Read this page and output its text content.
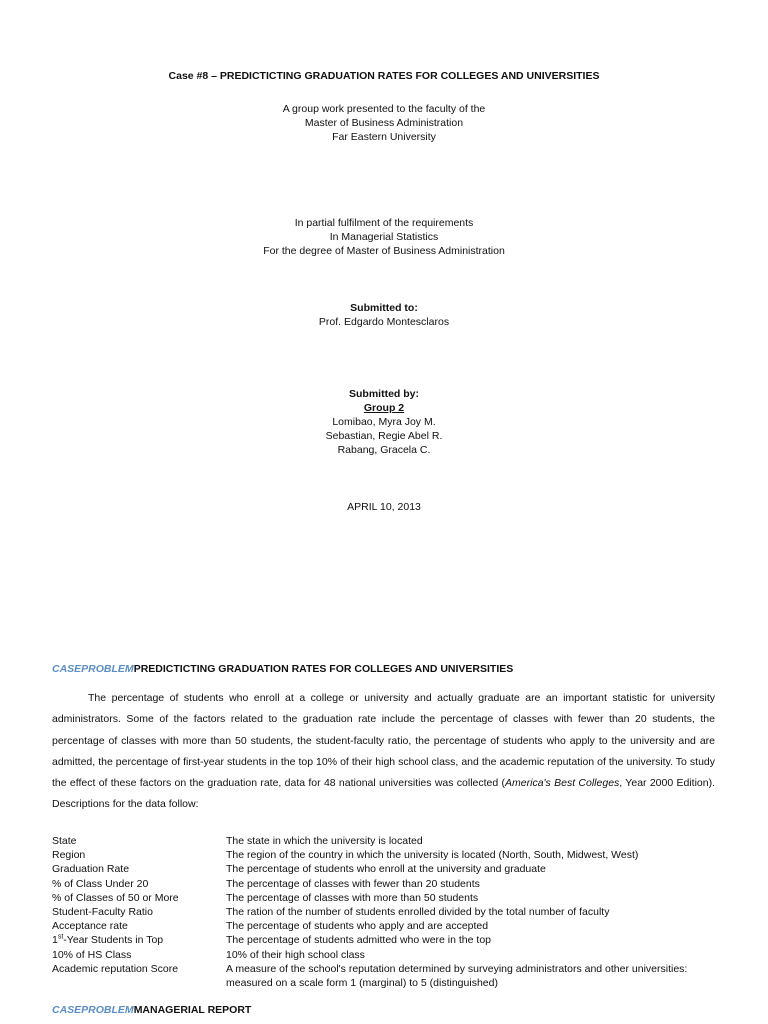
Case #8 – PREDICTICTING GRADUATION RATES FOR COLLEGES AND UNIVERSITIES
A group work presented to the faculty of the
Master of Business Administration
Far Eastern University
In partial fulfilment of the requirements
In Managerial Statistics
For the degree of Master of Business Administration
Submitted to:
Prof. Edgardo Montesclaros
Submitted by:
Group 2
Lomibao, Myra Joy M.
Sebastian, Regie Abel R.
Rabang, Gracela C.
APRIL 10, 2013
CASEPROBLEMPREDICTICTING GRADUATION RATES FOR COLLEGES AND UNIVERSITIES
The percentage of students who enroll at a college or university and actually graduate are an important statistic for university administrators. Some of the factors related to the graduation rate include the percentage of classes with fewer than 20 students, the percentage of classes with more than 50 students, the student-faculty ratio, the percentage of students who apply to the university and are admitted, the percentage of first-year students in the top 10% of their high school class, and the academic reputation of the university. To study the effect of these factors on the graduation rate, data for 48 national universities was collected (America's Best Colleges, Year 2000 Edition). Descriptions for the data follow:
State	The state in which the university is located
Region	The region of the country in which the university is located (North, South, Midwest, West)
Graduation Rate	The percentage of students who enroll at the university and graduate
% of Class Under 20	The percentage of classes with fewer than 20 students
% of Classes of 50 or More	The percentage of classes with more than 50 students
Student-Faculty Ratio	The ration of the number of students enrolled divided by the total number of faculty
Acceptance rate	The percentage of students who apply and are accepted
1st-Year Students in Top	The percentage of students admitted who were in the top
10% of HS Class	10% of their high school class
Academic reputation Score	A measure of the school's reputation determined by surveying administrators and other universities:
	measured on a scale form 1 (marginal) to 5 (distinguished)
CASEPROBLEMMANAGERIAL REPORT
